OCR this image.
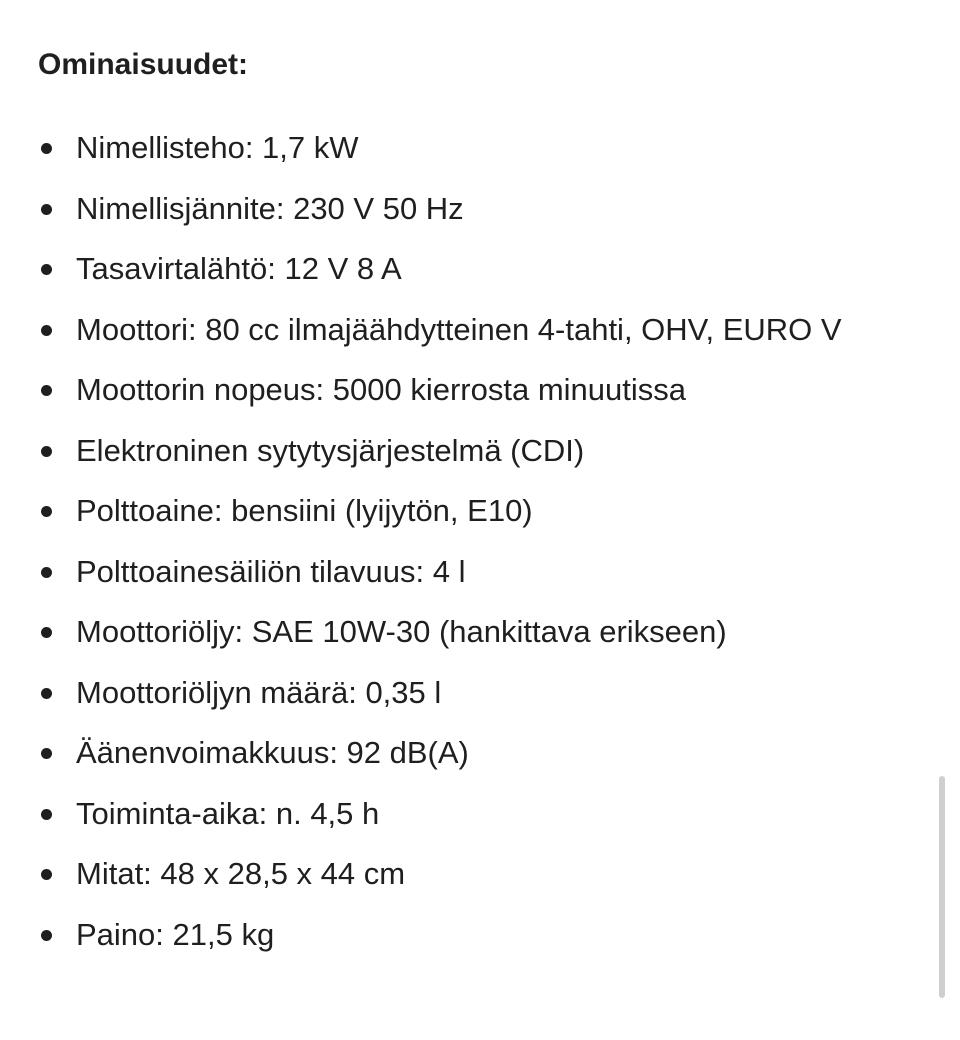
Ominaisuudet:
Nimellisteho: 1,7 kW
Nimellisjännite: 230 V 50 Hz
Tasavirtalähtö: 12 V 8 A
Moottori: 80 cc ilmajäähdytteinen 4-tahti, OHV, EURO V
Moottorin nopeus: 5000 kierrosta minuutissa
Elektroninen sytytysjärjestelmä (CDI)
Polttoaine: bensiini (lyijytön, E10)
Polttoainesäiliön tilavuus: 4 l
Moottoriöljy: SAE 10W-30 (hankittava erikseen)
Moottoriöljyn määrä: 0,35 l
Äänenvoimakkuus: 92 dB(A)
Toiminta-aika: n. 4,5 h
Mitat: 48 x 28,5 x 44 cm
Paino: 21,5 kg
